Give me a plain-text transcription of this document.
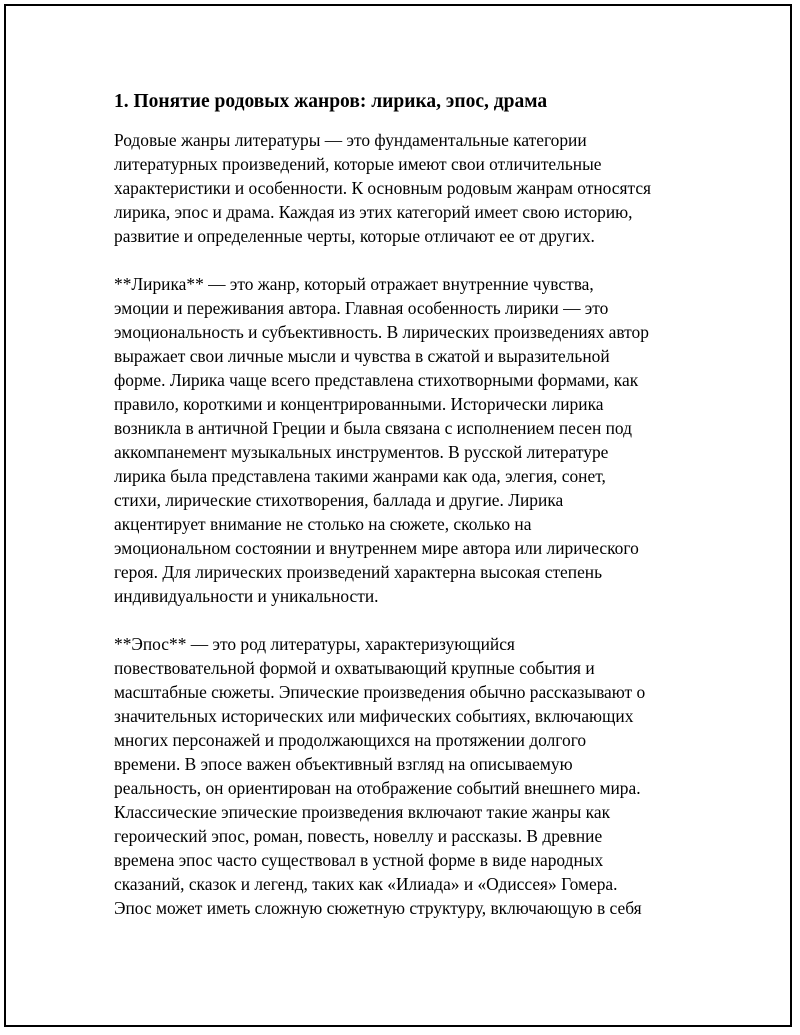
1. Понятие родовых жанров: лирика, эпос, драма

Родовые жанры литературы — это фундаментальные категории
литературных произведений, которые имеют свои отличительные
характеристики и особенности. К основным родовым жанрам относятся
лирика, эпос и драма. Каждая из этих категорий имеет свою историю,
развитие и определенные черты, которые отличают ее от других.

**Лирика** — это жанр, который отражает внутренние чувства,
эмоции и переживания автора. Главная особенность лирики — это
эмоциональность и субъективность. В лирических произведениях автор
выражает свои личные мысли и чувства в сжатой и выразительной
форме. Лирика чаще всего представлена стихотворными формами, как
правило, короткими и концентрированными. Исторически лирика
возникла в античной Греции и была связана с исполнением песен под
аккомпанемент музыкальных инструментов. В русской литературе
лирика была представлена такими жанрами как ода, элегия, сонет,
стихи, лирические стихотворения, баллада и другие. Лирика
акцентирует внимание не столько на сюжете, сколько на
эмоциональном состоянии и внутреннем мире автора или лирического
героя. Для лирических произведений характерна высокая степень
индивидуальности и уникальности.

**Эпос** — это род литературы, характеризующийся
повествовательной формой и охватывающий крупные события и
масштабные сюжеты. Эпические произведения обычно рассказывают о
значительных исторических или мифических событиях, включающих
многих персонажей и продолжающихся на протяжении долгого
времени. В эпосе важен объективный взгляд на описываемую
реальность, он ориентирован на отображение событий внешнего мира.
Классические эпические произведения включают такие жанры как
героический эпос, роман, повесть, новеллу и рассказы. В древние
времена эпос часто существовал в устной форме в виде народных
сказаний, сказок и легенд, таких как «Илиада» и «Одиссея» Гомера.
Эпос может иметь сложную сюжетную структуру, включающую в себя
